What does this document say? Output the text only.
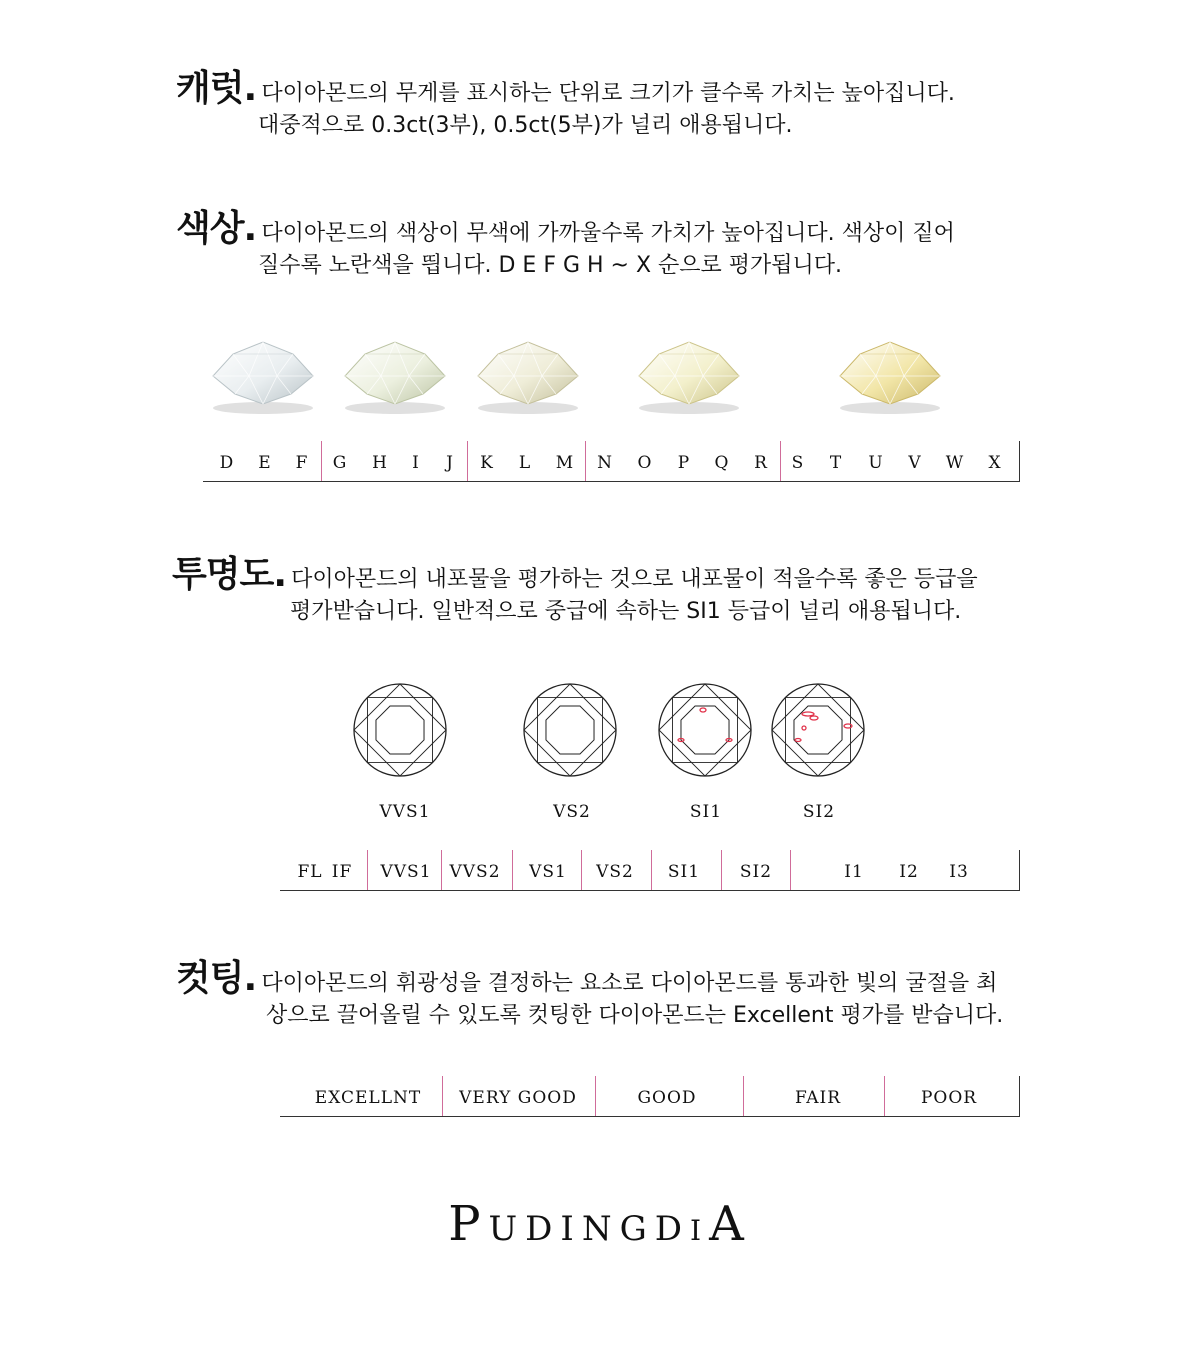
캐럿. 다이아몬드의 무게를 표시하는 단위로 크기가 클수록 가치는 높아집니다.
대중적으로 0.3ct(3부), 0.5ct(5부)가 널리 애용됩니다.
색상. 다이아몬드의 색상이 무색에 가까울수록 가치가 높아집니다. 색상이 짙어
질수록 노란색을 띕니다. D E F G H ~ X 순으로 평가됩니다.
D E F G H I J K L M N O P Q R S T U V W X
투명도. 다이아몬드의 내포물을 평가하는 것으로 내포물이 적을수록 좋은 등급을
평가받습니다. 일반적으로 중급에 속하는 SI1 등급이 널리 애용됩니다.
VVS1	VS2	SI1	SI2
FL IF VVS1 VVS2 VS1 VS2 SI1 SI2	I1 I2 I3
컷팅. 다이아몬드의 휘광성을 결정하는 요소로 다이아몬드를 통과한 빛의 굴절을 최
상으로 끌어올릴 수 있도록 컷팅한 다이아몬드는 Excellent 평가를 받습니다.
EXCELLNT VERY GOOD	GOOD	FAIR	POOR
PUDINGDIA
